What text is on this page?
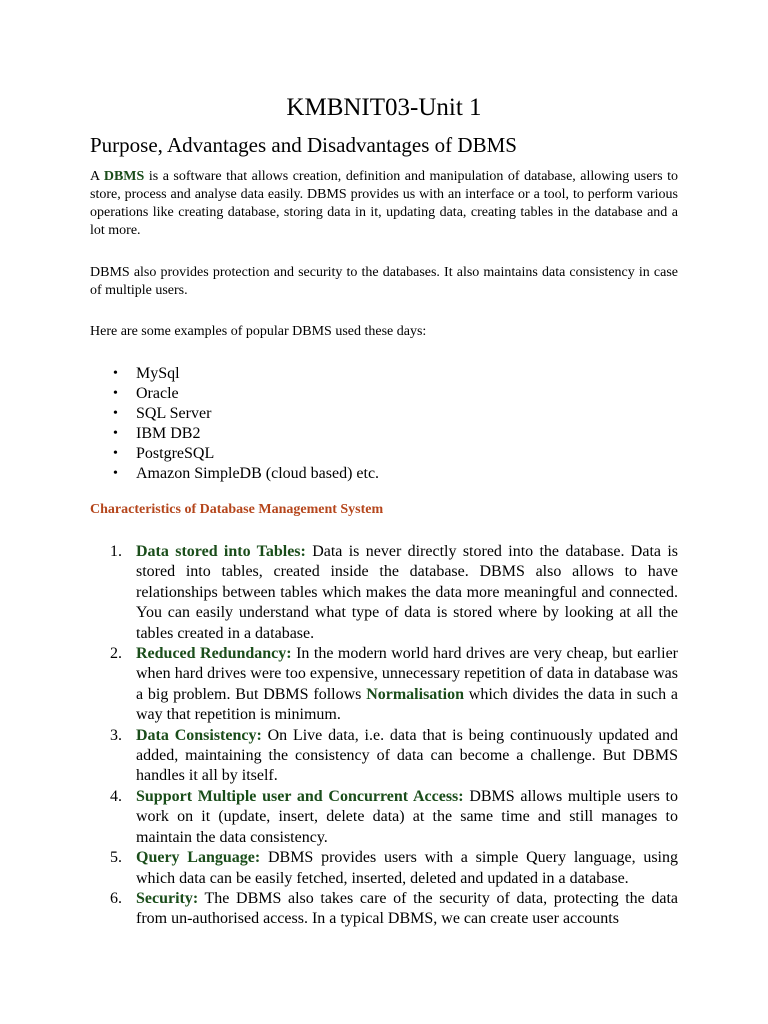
KMBNIT03-Unit 1
Purpose, Advantages and Disadvantages of DBMS

A DBMS is a software that allows creation, definition and manipulation of database, allowing users to store, process and analyse data easily. DBMS provides us with an interface or a tool, to perform various operations like creating database, storing data in it, updating data, creating tables in the database and a lot more.

DBMS also provides protection and security to the databases. It also maintains data consistency in case of multiple users.

Here are some examples of popular DBMS used these days:

• MySql
• Oracle
• SQL Server
• IBM DB2
• PostgreSQL
• Amazon SimpleDB (cloud based) etc.
Characteristics of Database Management System
1. Data stored into Tables: Data is never directly stored into the database. Data is stored into tables, created inside the database. DBMS also allows to have relationships between tables which makes the data more meaningful and connected. You can easily understand what type of data is stored where by looking at all the tables created in a database.
2. Reduced Redundancy: In the modern world hard drives are very cheap, but earlier when hard drives were too expensive, unnecessary repetition of data in database was a big problem. But DBMS follows Normalisation which divides the data in such a way that repetition is minimum.
3. Data Consistency: On Live data, i.e. data that is being continuously updated and added, maintaining the consistency of data can become a challenge. But DBMS handles it all by itself.
4. Support Multiple user and Concurrent Access: DBMS allows multiple users to work on it (update, insert, delete data) at the same time and still manages to maintain the data consistency.
5. Query Language: DBMS provides users with a simple Query language, using which data can be easily fetched, inserted, deleted and updated in a database.
6. Security: The DBMS also takes care of the security of data, protecting the data from un-authorised access. In a typical DBMS, we can create user accounts
